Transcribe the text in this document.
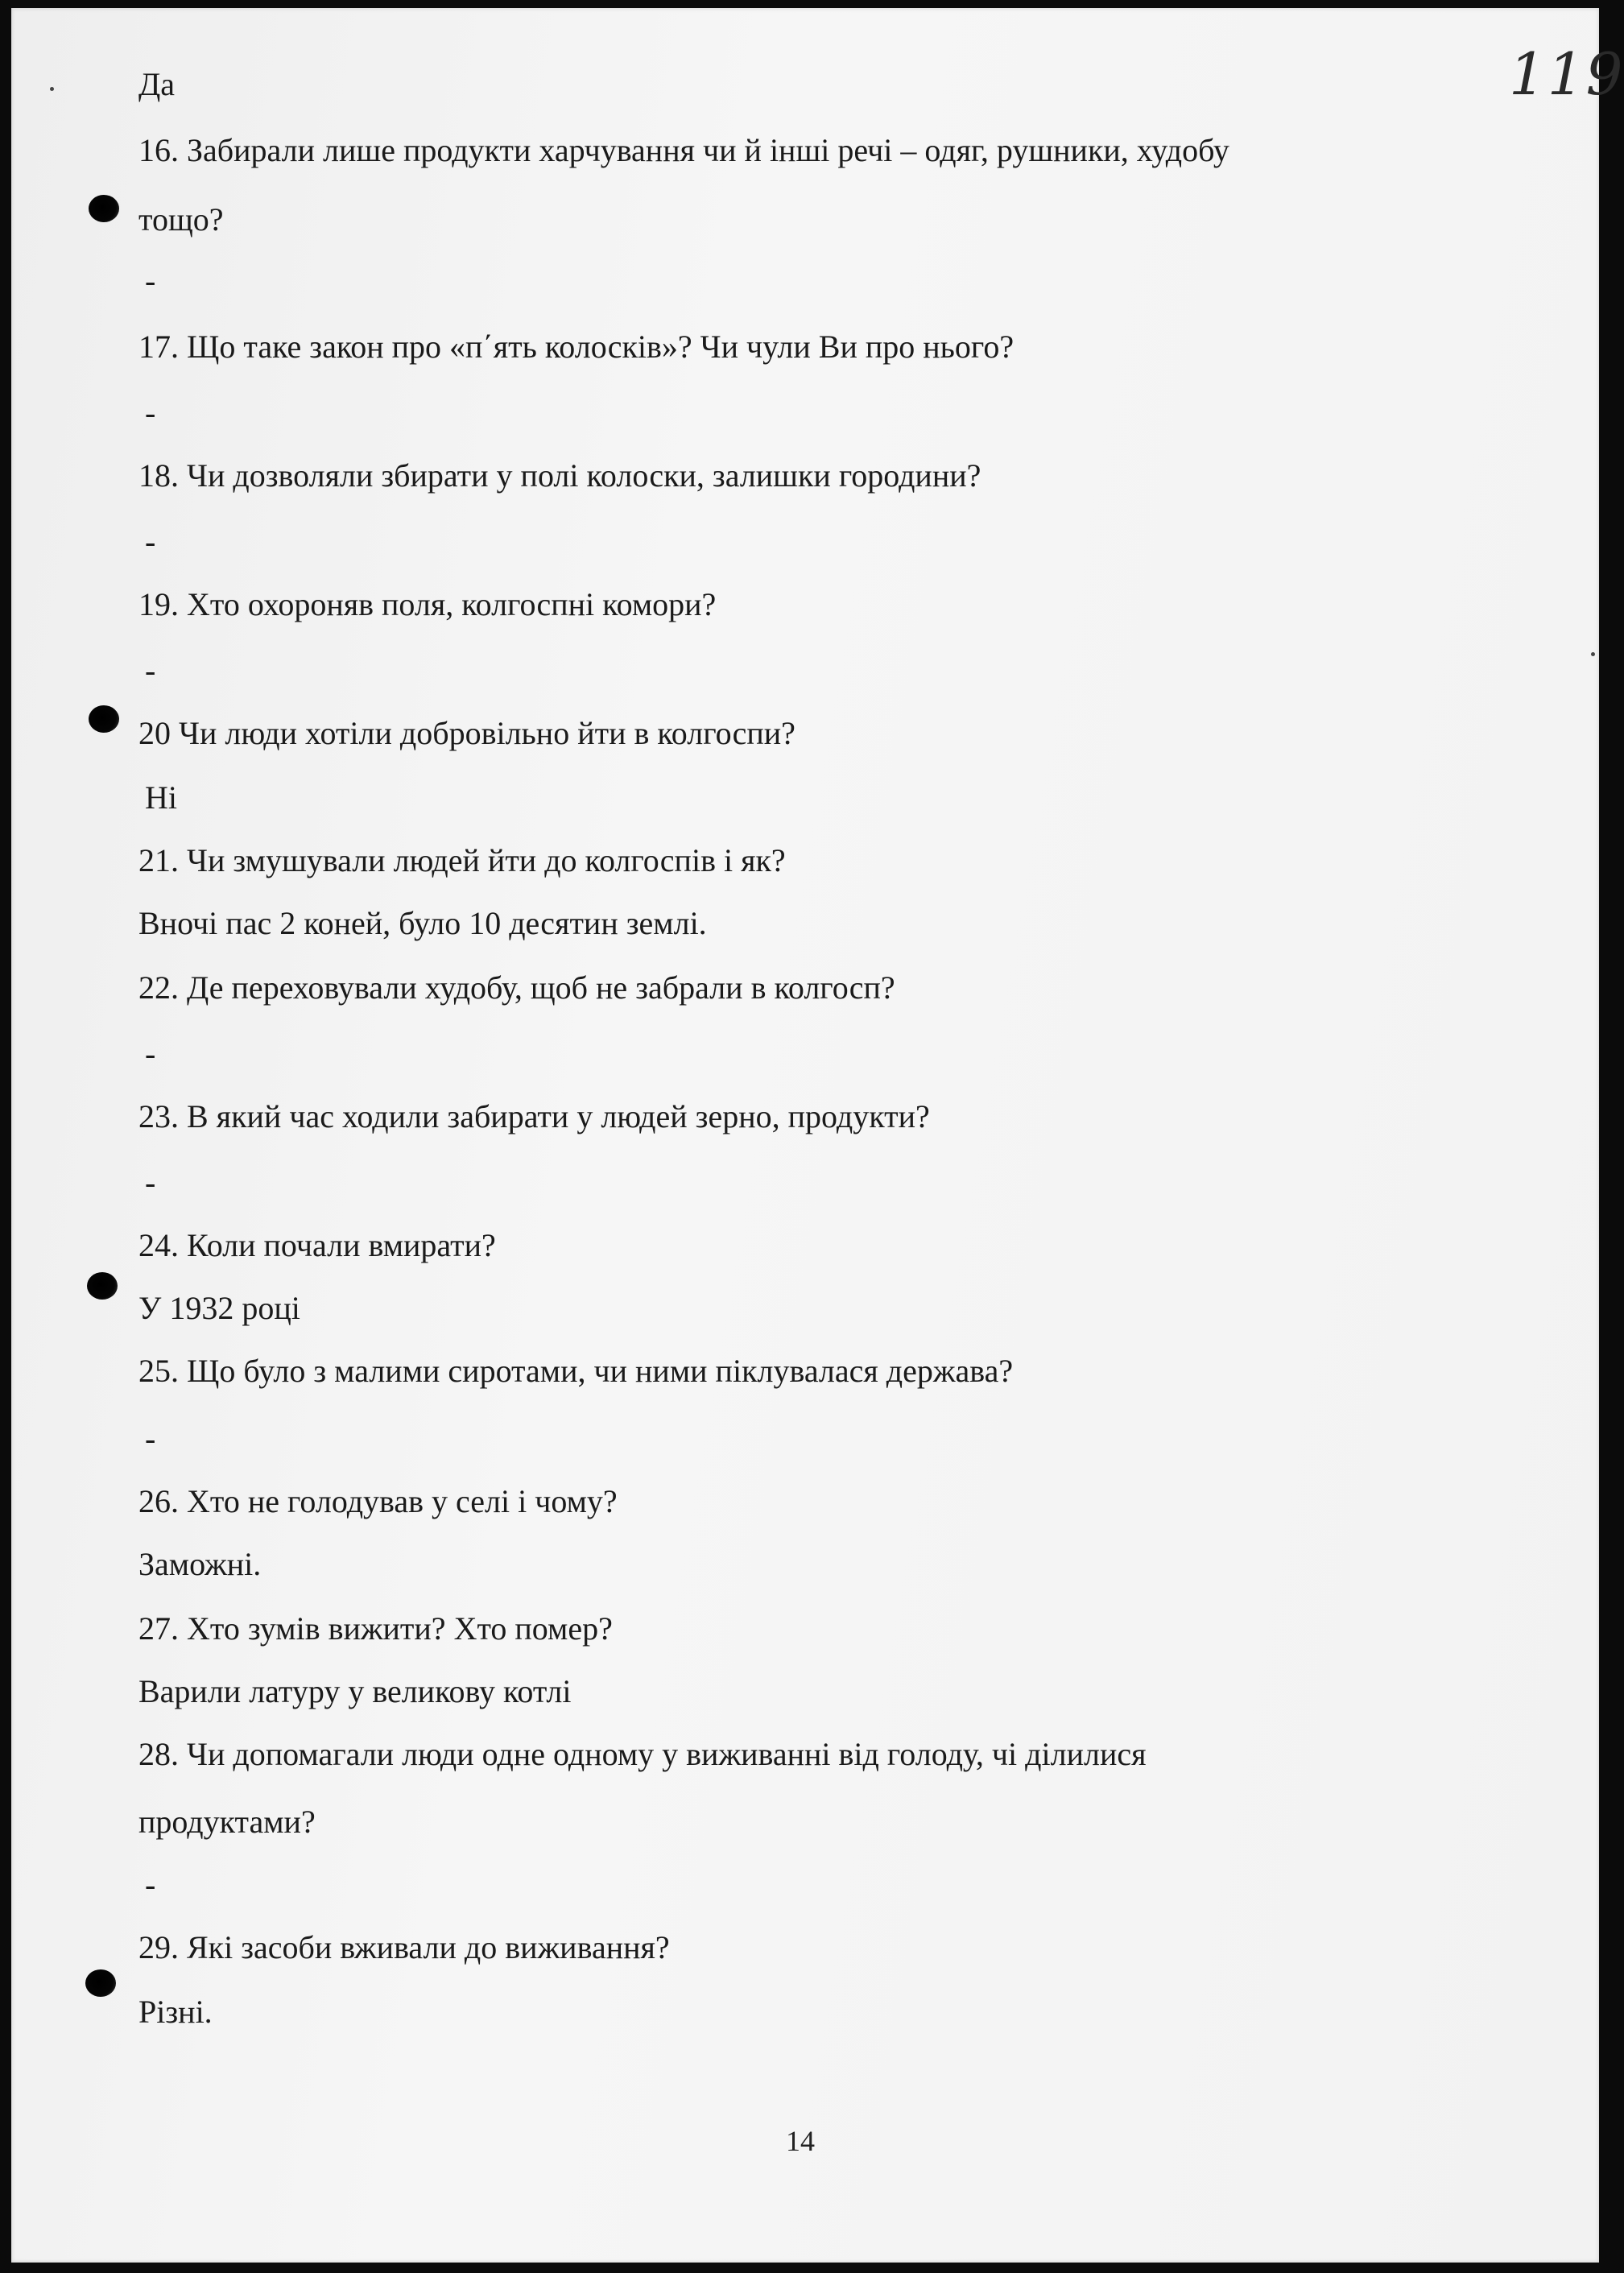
119
Да
16. Забирали лише продукти харчування чи й інші речі – одяг, рушники, худобу
тощо?
-
17. Що таке закон про «п΄ять колосків»? Чи чули Ви про нього?
-
18. Чи дозволяли збирати у полі колоски, залишки городини?
-
19. Хто охороняв поля, колгоспні комори?
-
20 Чи люди хотіли добровільно йти в колгоспи?
Ні
21. Чи змушували людей йти до колгоспів і як?
Вночі пас 2 коней, було 10 десятин землі.
22. Де переховували худобу, щоб не забрали в колгосп?
-
23. В який час ходили забирати у людей зерно, продукти?
-
24. Коли почали вмирати?
У 1932 році
25. Що було з малими сиротами, чи ними піклувалася держава?
-
26. Хто не голодував у селі і чому?
Заможні.
27. Хто зумів вижити? Хто помер?
Варили латуру у великову котлі
28. Чи допомагали люди одне одному у виживанні від голоду, чі ділилися
продуктами?
-
29. Які засоби вживали до виживання?
Різні.
14
